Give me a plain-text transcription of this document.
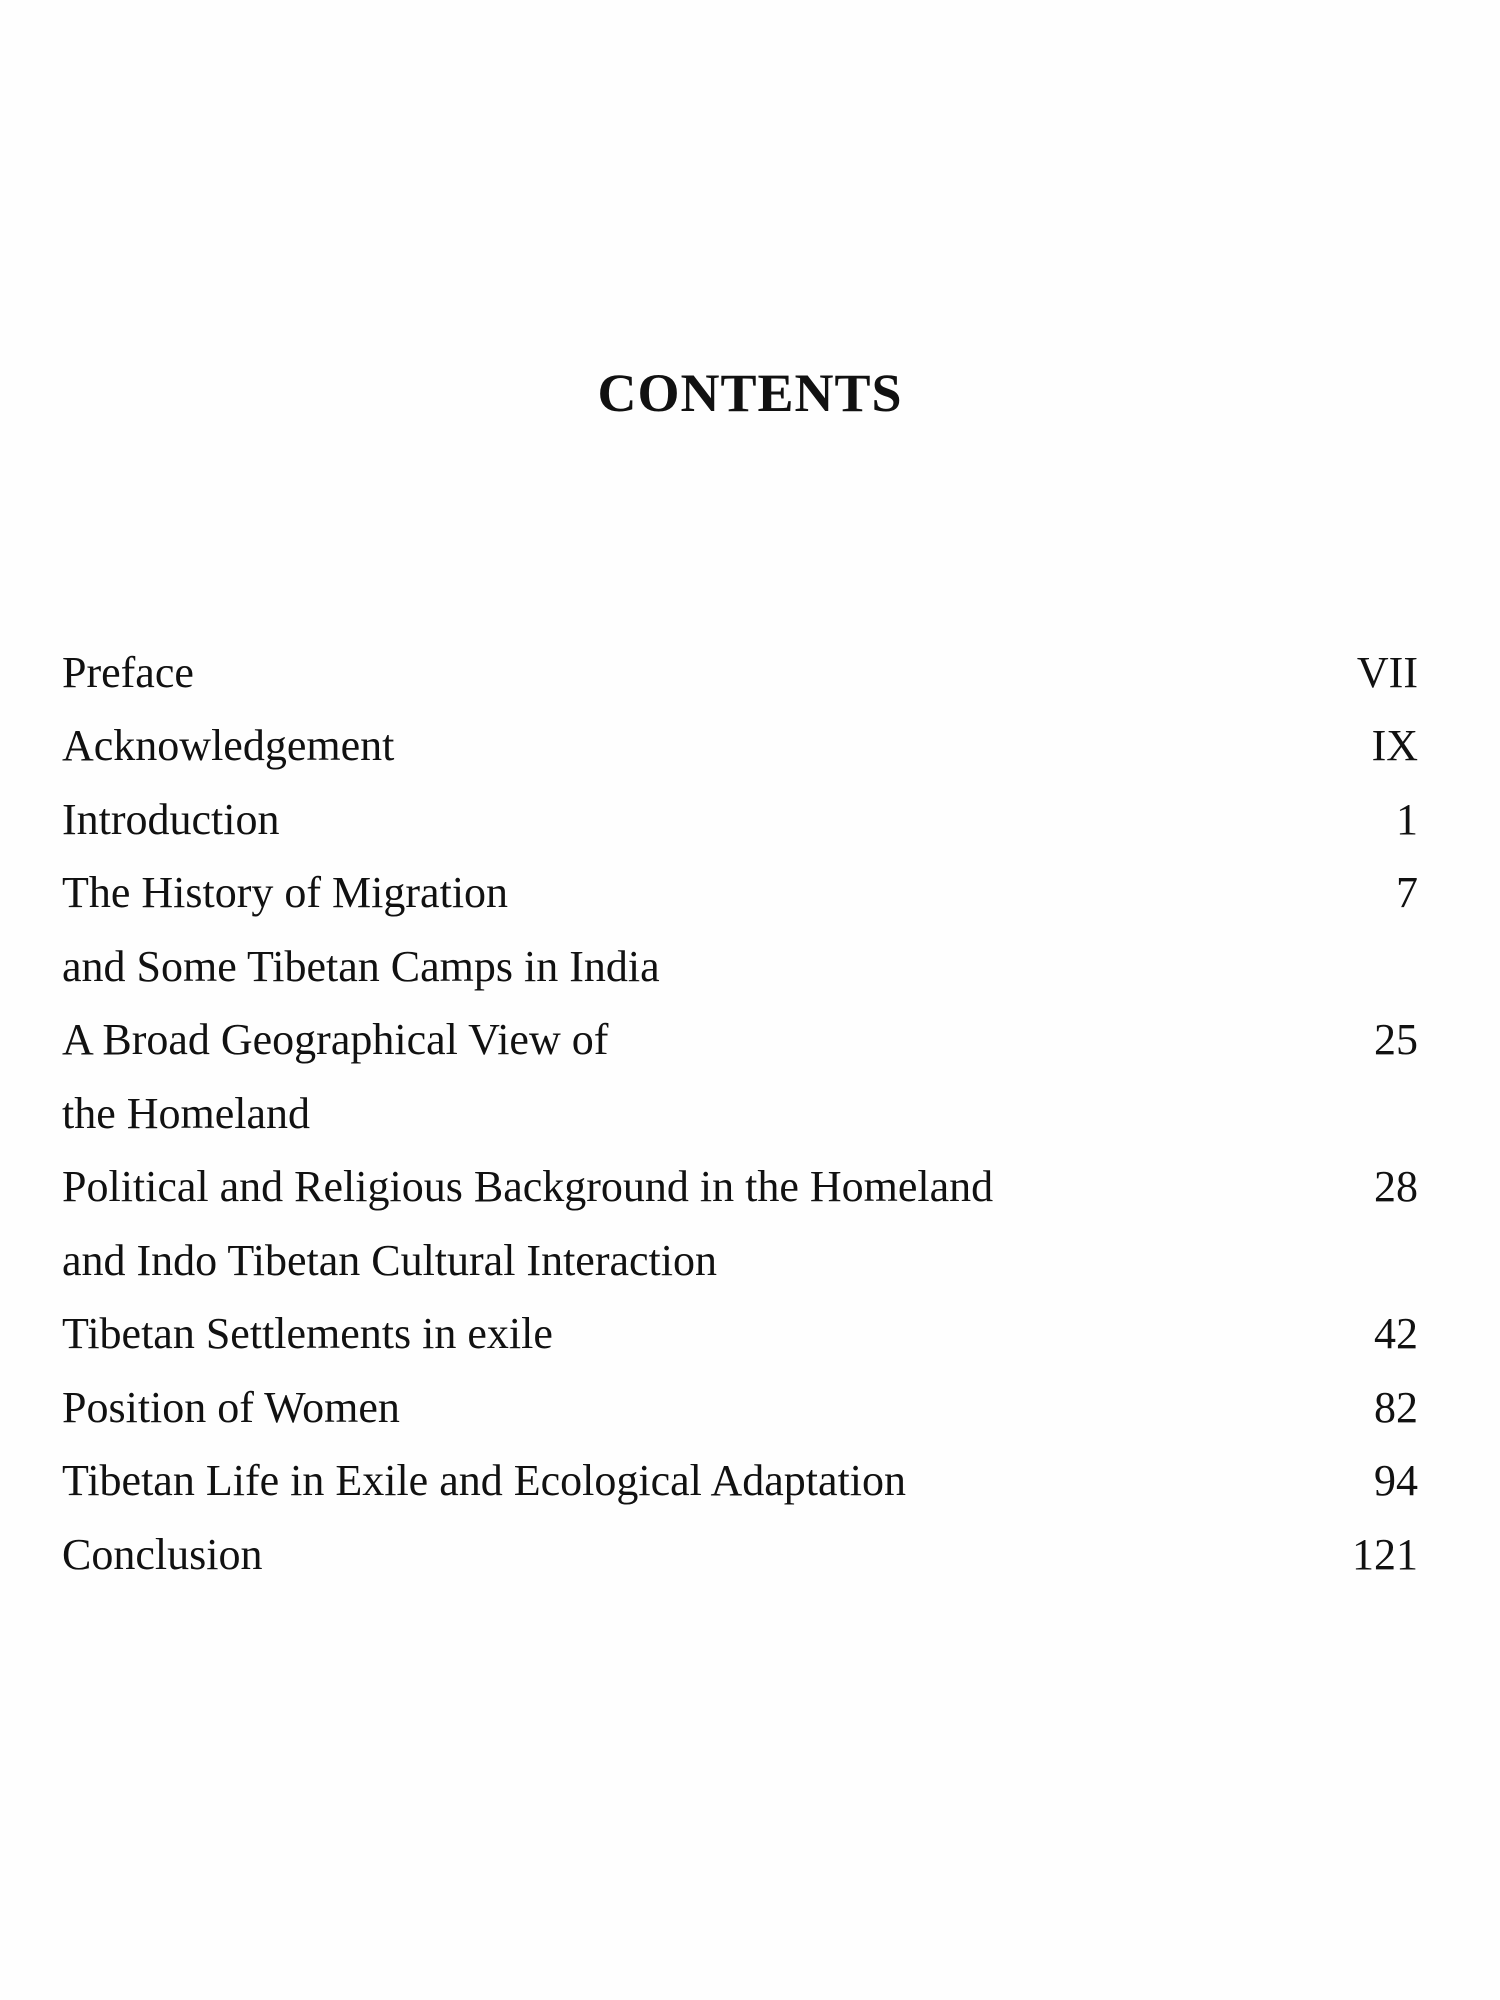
CONTENTS
Preface	VII
Acknowledgement	IX
Introduction	1
The History of Migration	7
and Some Tibetan Camps in India
A Broad Geographical View of	25
the Homeland
Political and Religious Background in the Homeland	28
and Indo Tibetan Cultural Interaction
Tibetan Settlements in exile	42
Position of Women	82
Tibetan Life in Exile and Ecological Adaptation	94
Conclusion	121
